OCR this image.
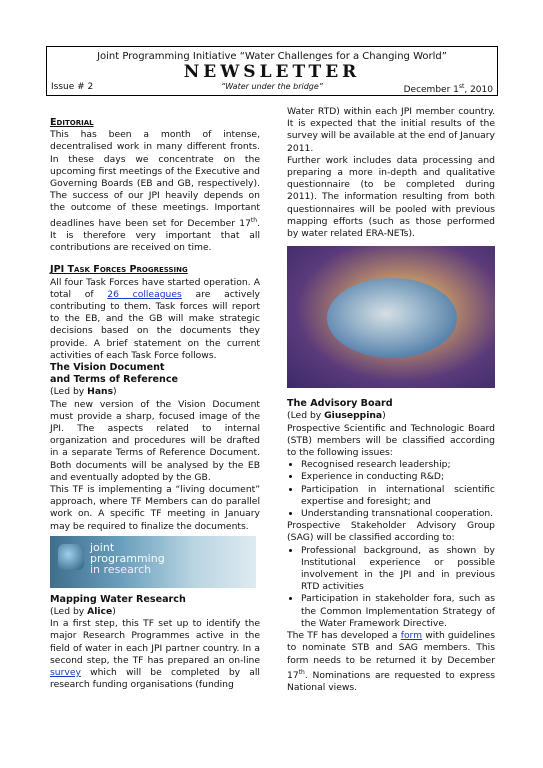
Joint Programming Initiative “Water Challenges for a Changing World”
NEWSLETTER
Issue # 2	“Water under the bridge”	December 1st, 2010
Editorial

This has been a month of intense, decentralised work in many different fronts. In these days we concentrate on the upcoming first meetings of the Executive and Governing Boards (EB and GB, respectively). The success of our JPI heavily depends on the outcome of these meetings. Important deadlines have been set for December 17th. It is therefore very important that all contributions are received on time.

JPI Task Forces Progressing

All four Task Forces have started operation. A total of 26 colleagues are actively contributing to them. Task forces will report to the EB, and the GB will make strategic decisions based on the documents they provide. A brief statement on the current activities of each Task Force follows.

The Vision Document
and Terms of Reference
(Led by Hans)

The new version of the Vision Document must provide a sharp, focused image of the JPI. The aspects related to internal organization and procedures will be drafted in a separate Terms of Reference Document. Both documents will be analysed by the EB and eventually adopted by the GB.

This TF is implementing a “living document” approach, where TF Members can do parallel work on. A specific TF meeting in January may be required to finalize the documents.

joint
programming
in research
Mapping Water Research
(Led by Alice)

In a first step, this TF set up to identify the major Research Programmes active in the field of water in each JPI partner country. In a second step, the TF has prepared an on-line survey which will be completed by all research funding organisations (funding

Water RTD) within each JPI member country. It is expected that the initial results of the survey will be available at the end of January 2011.

Further work includes data processing and preparing a more in-depth and qualitative questionnaire (to be completed during 2011). The information resulting from both questionnaires will be pooled with previous mapping efforts (such as those performed by water related ERA-NETs).

The Advisory Board
(Led by Giuseppina)

Prospective Scientific and Technologic Board (STB) members will be classified according to the following issues:

• Recognised research leadership;
• Experience in conducting R&D;
• Participation in international scientific expertise and foresight; and
• Understanding transnational cooperation.

Prospective Stakeholder Advisory Group (SAG) will be classified according to:

• Professional background, as shown by Institutional experience or possible involvement in the JPI and in previous RTD activities
• Participation in stakeholder fora, such as the Common Implementation Strategy of the Water Framework Directive.

The TF has developed a form with guidelines to nominate STB and SAG members. This form needs to be returned it by December 17th. Nominations are requested to express National views.
